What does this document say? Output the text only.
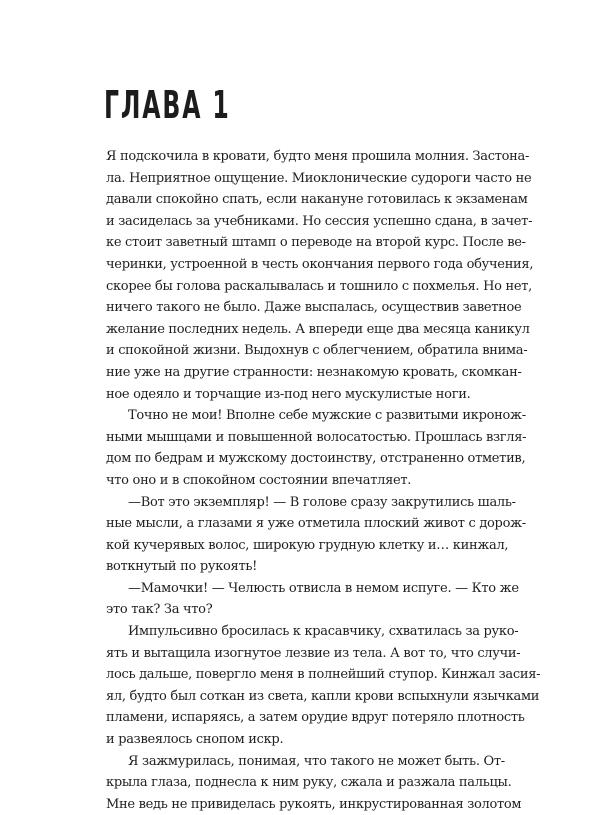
ГЛАВА 1
Я подскочила в кровати, будто меня прошила молния. Застона-
ла. Неприятное ощущение. Миоклонические судороги часто не
давали спокойно спать, если накануне готовилась к экзаменам
и засиделась за учебниками. Но сессия успешно сдана, в зачет-
ке стоит заветный штамп о переводе на второй курс. После ве-
черинки, устроенной в честь окончания первого года обучения,
скорее бы голова раскалывалась и тошнило с похмелья. Но нет,
ничего такого не было. Даже выспалась, осуществив заветное
желание последних недель. А впереди еще два месяца каникул
и спокойной жизни. Выдохнув с облегчением, обратила внима-
ние уже на другие странности: незнакомую кровать, скомкан-
ное одеяло и торчащие из-под него мускулистые ноги.
Точно не мои! Вполне себе мужские с развитыми икронож-
ными мышцами и повышенной волосатостью. Прошлась взгля-
дом по бедрам и мужскому достоинству, отстраненно отметив,
что оно и в спокойном состоянии впечатляет.
—Вот это экземпляр! — В голове сразу закрутились шаль-
ные мысли, а глазами я уже отметила плоский живот с дорож-
кой кучерявых волос, широкую грудную клетку и… кинжал,
воткнутый по рукоять!
—Мамочки! — Челюсть отвисла в немом испуге. — Кто же
это так? За что?
Импульсивно бросилась к красавчику, схватилась за руко-
ять и вытащила изогнутое лезвие из тела. А вот то, что случи-
лось дальше, повергло меня в полнейший ступор. Кинжал засия-
ял, будто был соткан из света, капли крови вспыхнули язычками
пламени, испаряясь, а затем орудие вдруг потеряло плотность
и развеялось снопом искр.
Я зажмурилась, понимая, что такого не может быть. От-
крыла глаза, поднесла к ним руку, сжала и разжала пальцы.
Мне ведь не привиделась рукоять, инкрустированная золотом
